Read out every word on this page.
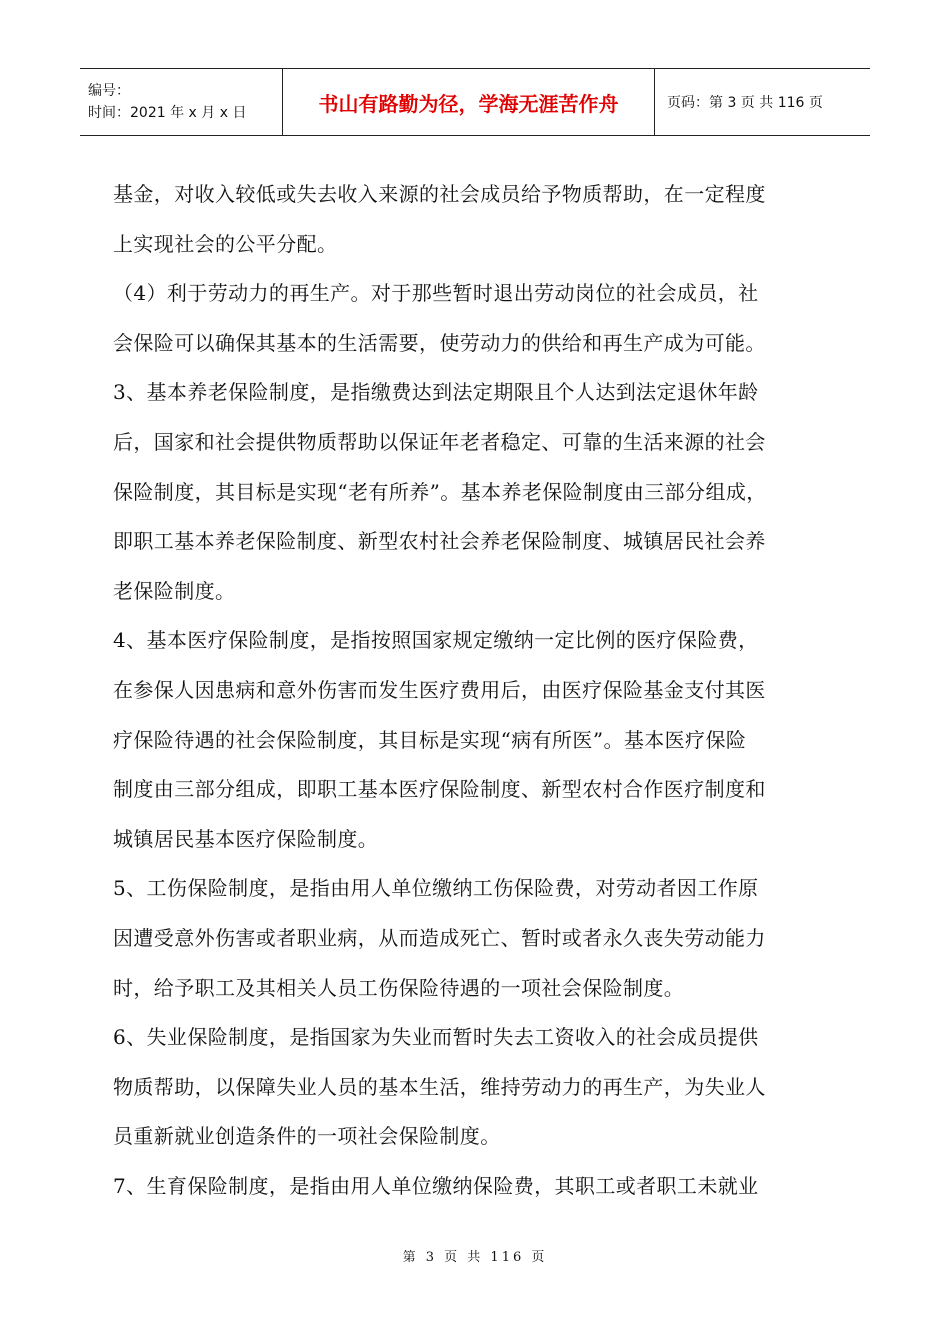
编号：
时间：2021 年 x 月 x 日	书山有路勤为径，学海无涯苦作舟	页码：第 3 页 共 116 页

基金，对收入较低或失去收入来源的社会成员给予物质帮助，在一定程度

上实现社会的公平分配。

（4）利于劳动力的再生产。对于那些暂时退出劳动岗位的社会成员，社

会保险可以确保其基本的生活需要，使劳动力的供给和再生产成为可能。

3、基本养老保险制度，是指缴费达到法定期限且个人达到法定退休年龄

后，国家和社会提供物质帮助以保证年老者稳定、可靠的生活来源的社会

保险制度，其目标是实现“老有所养”。基本养老保险制度由三部分组成，

即职工基本养老保险制度、新型农村社会养老保险制度、城镇居民社会养

老保险制度。

4、基本医疗保险制度，是指按照国家规定缴纳一定比例的医疗保险费，

在参保人因患病和意外伤害而发生医疗费用后，由医疗保险基金支付其医

疗保险待遇的社会保险制度，其目标是实现“病有所医”。基本医疗保险

制度由三部分组成，即职工基本医疗保险制度、新型农村合作医疗制度和

城镇居民基本医疗保险制度。

5、工伤保险制度，是指由用人单位缴纳工伤保险费，对劳动者因工作原

因遭受意外伤害或者职业病，从而造成死亡、暂时或者永久丧失劳动能力

时，给予职工及其相关人员工伤保险待遇的一项社会保险制度。

6、失业保险制度，是指国家为失业而暂时失去工资收入的社会成员提供

物质帮助，以保障失业人员的基本生活，维持劳动力的再生产，为失业人

员重新就业创造条件的一项社会保险制度。

7、生育保险制度，是指由用人单位缴纳保险费，其职工或者职工未就业

第 3 页 共 116 页
